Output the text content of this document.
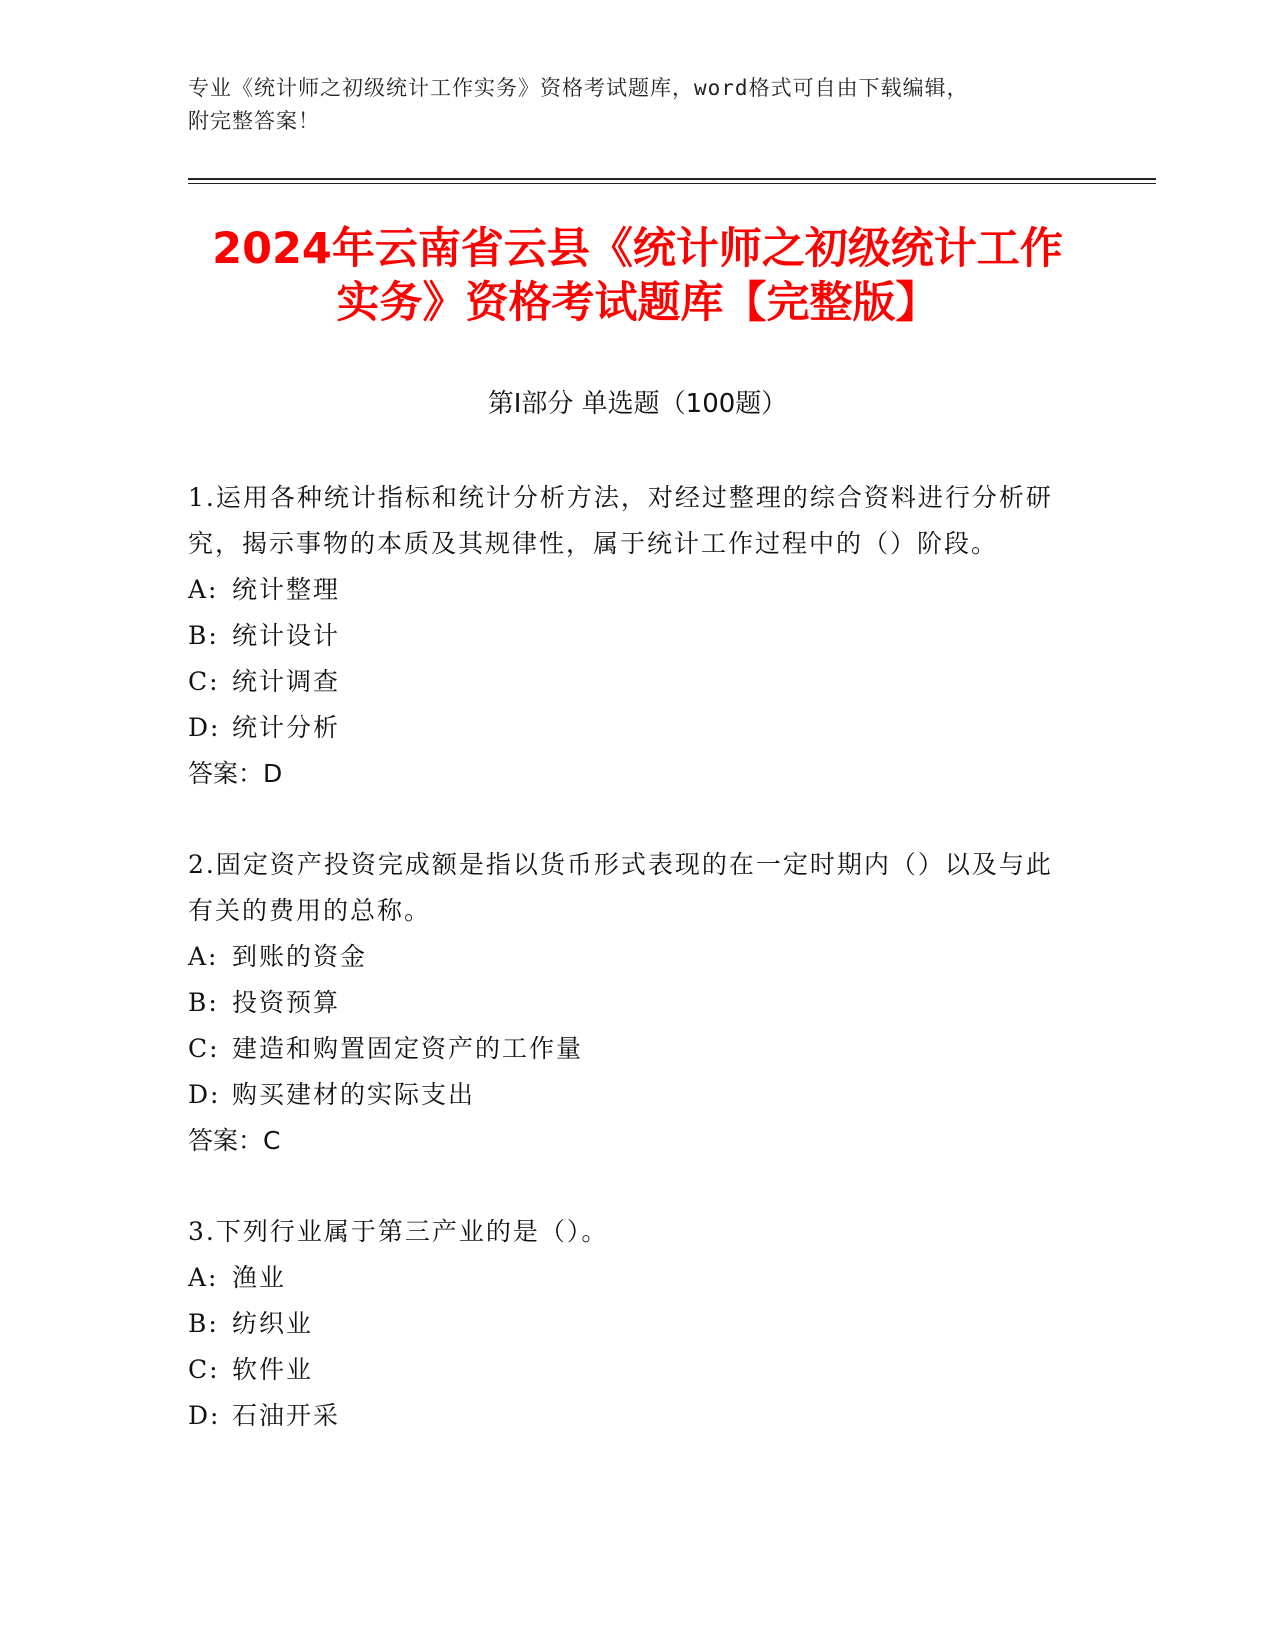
专业《统计师之初级统计工作实务》资格考试题库，word格式可自由下载编辑，
附完整答案！
2024年云南省云县《统计师之初级统计工作
实务》资格考试题库【完整版】
第Ⅰ部分 单选题（100题）
1.运用各种统计指标和统计分析方法，对经过整理的综合资料进行分析研究，揭示事物的本质及其规律性，属于统计工作过程中的（）阶段。
A: 统计整理
B: 统计设计
C: 统计调查
D: 统计分析
答案：D
2.固定资产投资完成额是指以货币形式表现的在一定时期内（）以及与此有关的费用的总称。
A: 到账的资金
B: 投资预算
C: 建造和购置固定资产的工作量
D: 购买建材的实际支出
答案：C
3.下列行业属于第三产业的是（）。
A: 渔业
B: 纺织业
C: 软件业
D: 石油开采
